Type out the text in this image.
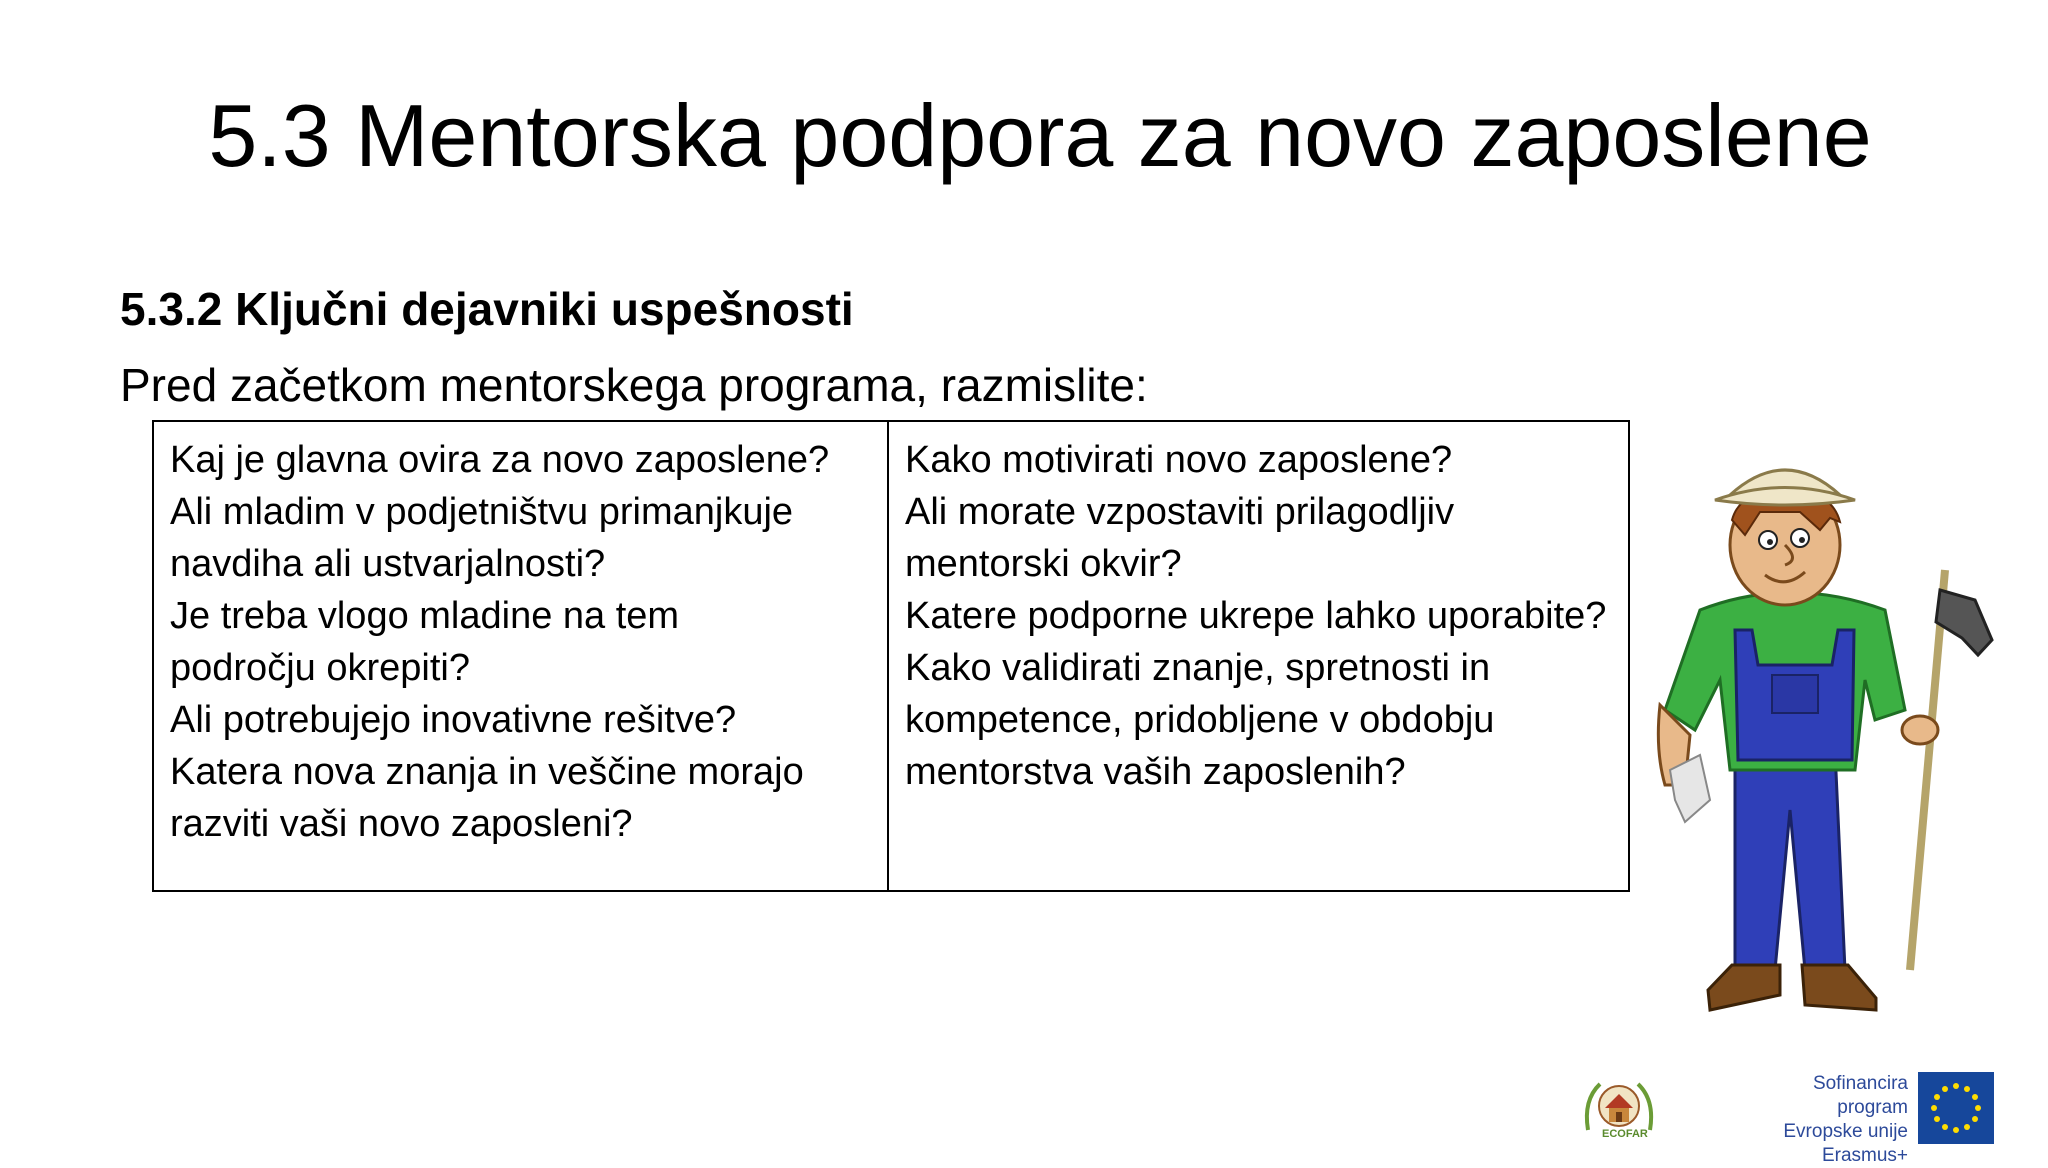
5.3 Mentorska podpora za novo zaposlene
5.3.2 Ključni dejavniki uspešnosti
Pred začetkom mentorskega programa, razmislite:
Kaj je glavna ovira za novo zaposlene?
Ali mladim v podjetništvu primanjkuje
navdiha ali ustvarjalnosti?
Je treba vlogo mladine na tem
področju okrepiti?
Ali potrebujejo inovativne rešitve?
Katera nova znanja in veščine morajo
razviti vaši novo zaposleni?

Kako motivirati novo zaposlene?
Ali morate vzpostaviti prilagodljiv
mentorski okvir?
Katere podporne ukrepe lahko uporabite?
Kako validirati znanje, spretnosti in
kompetence, pridobljene v obdobju
mentorstva vaših zaposlenih?
ECOFAR
Sofinancira program
Evropske unije
Erasmus+
